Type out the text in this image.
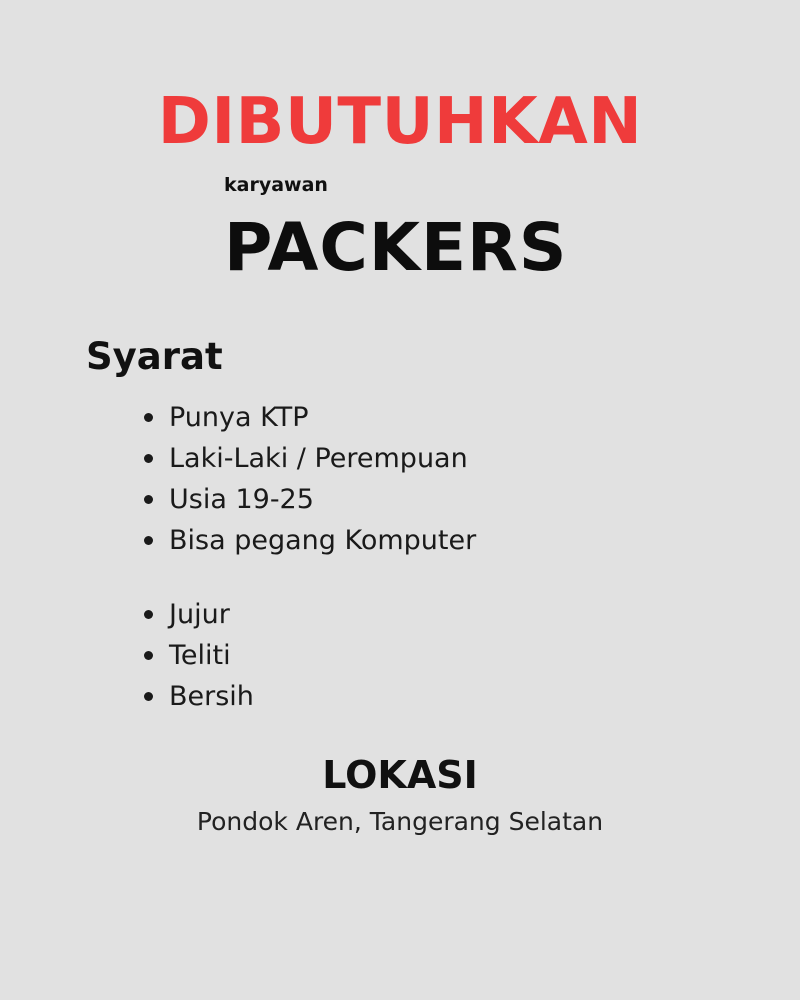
DIBUTUHKAN
karyawan
PACKERS
Syarat
Punya KTP
Laki-Laki / Perempuan
Usia 19-25
Bisa pegang Komputer
Jujur
Teliti
Bersih
LOKASI
Pondok Aren, Tangerang Selatan
